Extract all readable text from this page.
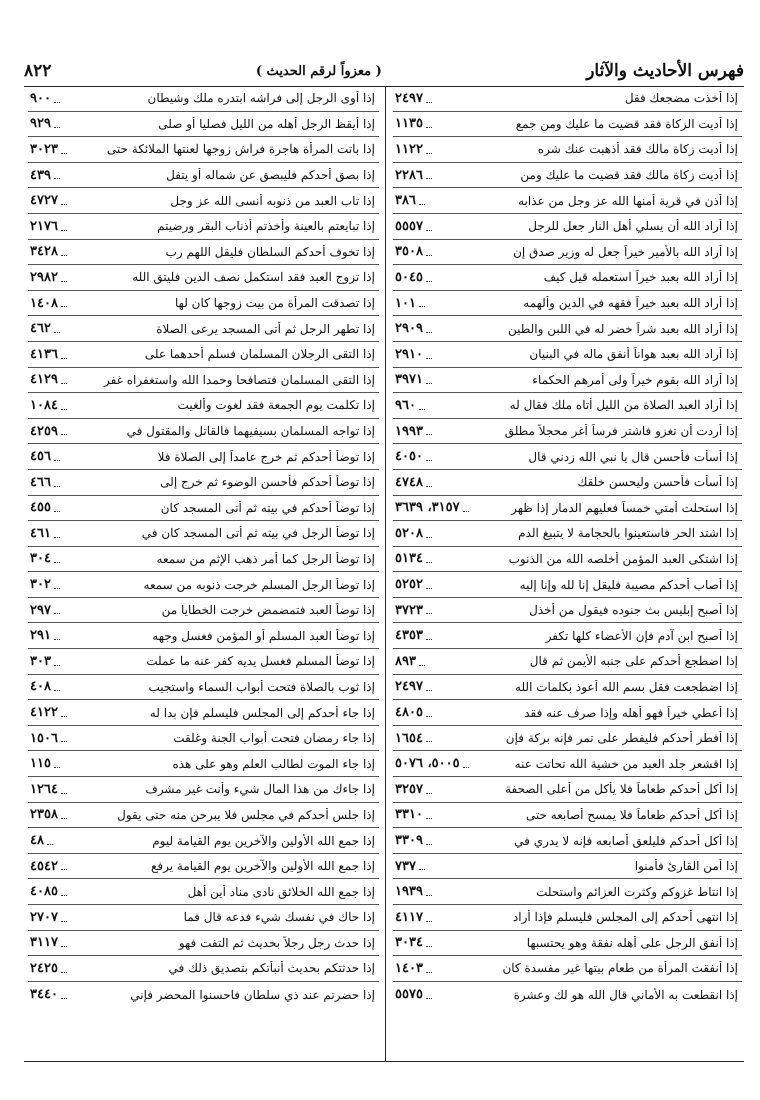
فهرس الأحاديث والآثار
( معزواً لرقم الحديث )
٨٢٢
إذا أخذت مضجعك فقل
٢٤٩٧
إذا أديت الزكاة فقد قضيت ما عليك ومن جمع
١١٣٥
إذا أديت زكاة مالك فقد أذهبت عنك شره
١١٢٢
إذا أديت زكاة مالك فقد قضيت ما عليك ومن
٢٢٨٦
إذا أذن في قرية أمنها الله عز وجل من عذابه
٣٨٦
إذا أراد الله أن يسلي أهل النار جعل للرجل
٥٥٥٧
إذا أراد الله بالأمير خيراً جعل له وزير صدق إن
٣٥٠٨
إذا أراد الله بعبد خيراً استعمله قيل كيف
٥٠٤٥
إذا أراد الله بعبد خيراً فقهه في الدين وألهمه
١٠١
إذا أراد الله بعبد شراً خضر له في اللبن والطين
٢٩٠٩
إذا أراد الله بعبد هواناً أنفق ماله في البنيان
٢٩١٠
إذا أراد الله بقوم خيراً ولى أمرهم الحكماء
٣٩٧١
إذا أراد العبد الصلاة من الليل أتاه ملك فقال له
٩٦٠
إذا أردت أن تغزو فاشتر فرساً أغر محجلاً مطلق
١٩٩٣
إذا أسأت فأحسن قال يا نبي الله زدني قال
٤٠٥٠
إذا أسأت فأحسن وليحسن خلقك
٤٧٤٨
إذا استحلت أمتي خمساً فعليهم الدمار إذا ظهر
٣١٥٧، ٣٦٣٩
إذا اشتد الحر فاستعينوا بالحجامة لا يتبيغ الدم
٥٢٠٨
إذا اشتكى العبد المؤمن أخلصه الله من الذنوب
٥١٣٤
إذا أصاب أحدكم مصيبة فليقل إنا لله وإنا إليه
٥٢٥٢
إذا أصبح إبليس بث جنوده فيقول من أخذل
٣٧٢٣
إذا أصبح ابن آدم فإن الأعضاء كلها تكفر
٤٣٥٣
إذا اضطجع أحدكم على جنبه الأيمن ثم قال
٨٩٣
إذا اضطجعت فقل بسم الله أعوذ بكلمات الله
٢٤٩٧
إذا أعطي خيراً فهو أهله وإذا صرف عنه فقد
٤٨٠٥
إذا أفطر أحدكم فليفطر على تمر فإنه بركة فإن
١٦٥٤
إذا اقشعر جلد العبد من خشية الله تحاتت عنه
٥٠٠٥، ٥٠٧٦
إذا أكل أحدكم طعاماً فلا يأكل من أعلى الصحفة
٣٢٥٧
إذا أكل أحدكم طعاماً فلا يمسح أصابعه حتى
٣٣١٠
إذا أكل أحدكم فليلعق أصابعه فإنه لا يدري في
٣٣٠٩
إذا أمن القارئ فأمنوا
٧٣٧
إذا انتاط غزوكم وكثرت العزائم واستحلت
١٩٣٩
إذا انتهى أحدكم إلى المجلس فليسلم فإذا أراد
٤١١٧
إذا أنفق الرجل على أهله نفقة وهو يحتسبها
٣٠٣٤
إذا أنفقت المرأة من طعام بيتها غير مفسدة كان
١٤٠٣
إذا انقطعت به الأماني قال الله هو لك وعشرة
٥٥٧٥
إذا أوى الرجل إلى فراشه ابتدره ملك وشيطان
٩٠٠
إذا أيقظ الرجل أهله من الليل فصليا أو صلى
٩٢٩
إذا باتت المرأة هاجرة فراش زوجها لعنتها الملائكة حتى
٣٠٢٣
إذا بصق أحدكم فليبصق عن شماله أو يتفل
٤٣٩
إذا تاب العبد من ذنوبه أنسى الله عز وجل
٤٧٢٧
إذا تبايعتم بالعينة وأخذتم أذناب البقر ورضيتم
٢١٧٦
إذا تخوف أحدكم السلطان فليقل اللهم رب
٣٤٢٨
إذا تزوج العبد فقد استكمل نصف الدين فليتق الله
٢٩٨٢
إذا تصدقت المرأة من بيت زوجها كان لها
١٤٠٨
إذا تطهر الرجل ثم أتى المسجد يرعى الصلاة
٤٦٢
إذا التقى الرجلان المسلمان فسلم أحدهما على
٤١٣٦
إذا التقى المسلمان فتصافحا وحمدا الله واستغفراه غفر
٤١٢٩
إذا تكلمت يوم الجمعة فقد لغوت وألغيت
١٠٨٤
إذا تواجه المسلمان بسيفيهما فالقاتل والمقتول في
٤٢٥٩
إذا توضأ أحدكم ثم خرج عامداً إلى الصلاة فلا
٤٥٦
إذا توضأ أحدكم فأحسن الوضوء ثم خرج إلى
٤٦٦
إذا توضأ أحدكم في بيته ثم أتى المسجد كان
٤٥٥
إذا توضأ الرجل في بيته ثم أتى المسجد كان في
٤٦١
إذا توضأ الرجل كما أمر ذهب الإثم من سمعه
٣٠٤
إذا توضأ الرجل المسلم خرجت ذنوبه من سمعه
٣٠٢
إذا توضأ العبد فتمضمض خرجت الخطايا من
٢٩٧
إذا توضأ العبد المسلم أو المؤمن فغسل وجهه
٢٩١
إذا توضأ المسلم فغسل يديه كفر عنه ما عملت
٣٠٣
إذا ثوب بالصلاة فتحت أبواب السماء واستجيب
٤٠٨
إذا جاء أحدكم إلى المجلس فليسلم فإن بدا له
٤١٢٢
إذا جاء رمضان فتحت أبواب الجنة وغلقت
١٥٠٦
إذا جاء الموت لطالب العلم وهو على هذه
١١٥
إذا جاءك من هذا المال شيء وأنت غير مشرف
١٢٦٤
إذا جلس أحدكم في مجلس فلا يبرحن منه حتى يقول
٢٣٥٨
إذا جمع الله الأولين والآخرين يوم القيامة ليوم
٤٨
إذا جمع الله الأولين والآخرين يوم القيامة يرفع
٤٥٤٢
إذا جمع الله الخلائق نادى مناد أين أهل
٤٠٨٥
إذا حاك في نفسك شيء فدعه قال فما
٢٧٠٧
إذا حدث رجل رجلاً بحديث ثم التفت فهو
٣١١٧
إذا حدثتكم بحديث أنبأتكم بتصديق ذلك في
٢٤٢٥
إذا حضرتم عند ذي سلطان فاحسنوا المحضر فإني
٣٤٤٠
